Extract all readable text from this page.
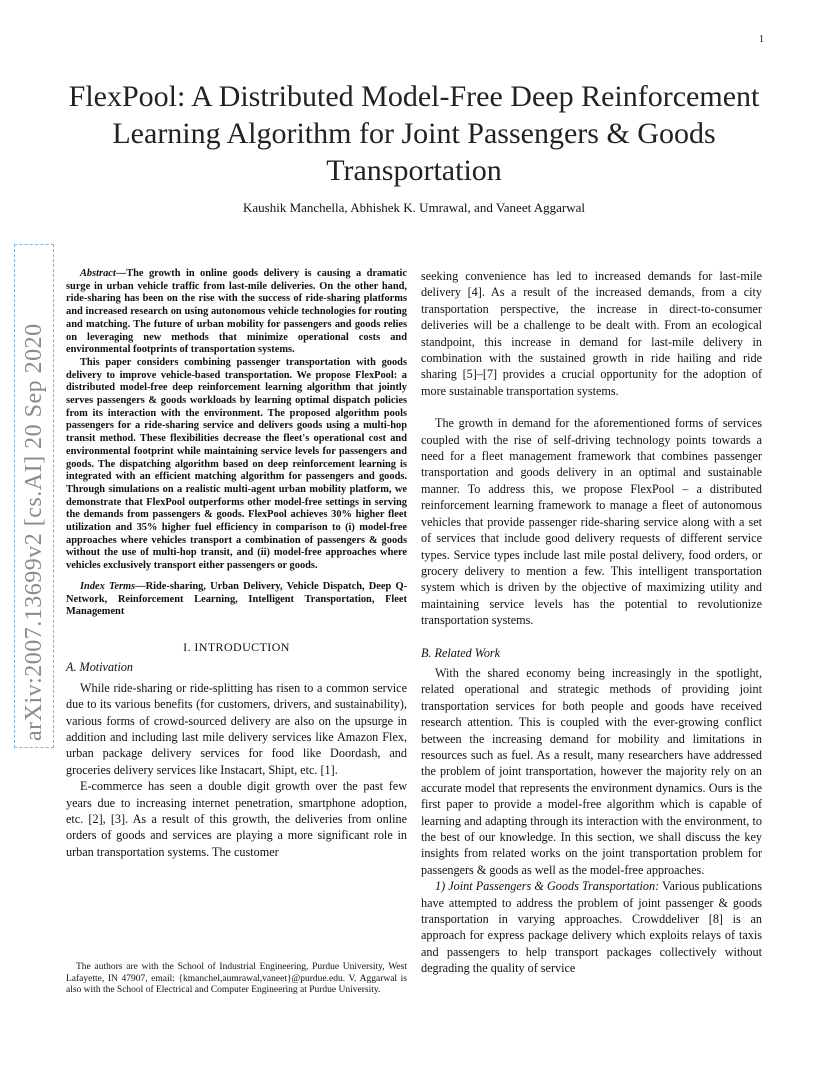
1
FlexPool: A Distributed Model-Free Deep Reinforcement Learning Algorithm for Joint Passengers & Goods Transportation
Kaushik Manchella, Abhishek K. Umrawal, and Vaneet Aggarwal
arXiv:2007.13699v2 [cs.AI] 20 Sep 2020

Abstract—The growth in online goods delivery is causing a dramatic surge in urban vehicle traffic from last-mile deliveries. On the other hand, ride-sharing has been on the rise with the success of ride-sharing platforms and increased research on using autonomous vehicle technologies for routing and matching. The future of urban mobility for passengers and goods relies on leveraging new methods that minimize operational costs and environmental footprints of transportation systems.

This paper considers combining passenger transportation with goods delivery to improve vehicle-based transportation. We propose FlexPool: a distributed model-free deep reinforcement learning algorithm that jointly serves passengers & goods workloads by learning optimal dispatch policies from its interaction with the environment. The proposed algorithm pools passengers for a ride-sharing service and delivers goods using a multi-hop transit method. These flexibilities decrease the fleet's operational cost and environmental footprint while maintaining service levels for passengers and goods. The dispatching algorithm based on deep reinforcement learning is integrated with an efficient matching algorithm for passengers and goods. Through simulations on a realistic multi-agent urban mobility platform, we demonstrate that FlexPool outperforms other model-free settings in serving the demands from passengers & goods. FlexPool achieves 30% higher fleet utilization and 35% higher fuel efficiency in comparison to (i) model-free approaches where vehicles transport a combination of passengers & goods without the use of multi-hop transit, and (ii) model-free approaches where vehicles exclusively transport either passengers or goods.

Index Terms—Ride-sharing, Urban Delivery, Vehicle Dispatch, Deep Q-Network, Reinforcement Learning, Intelligent Transportation, Fleet Management

I. INTRODUCTION
A. Motivation

While ride-sharing or ride-splitting has risen to a common service due to its various benefits (for customers, drivers, and sustainability), various forms of crowd-sourced delivery are also on the upsurge in addition and including last mile delivery services like Amazon Flex, urban package delivery services for food like Doordash, and groceries delivery services like Instacart, Shipt, etc. [1].

E-commerce has seen a double digit growth over the past few years due to increasing internet penetration, smartphone adoption, etc. [2], [3]. As a result of this growth, the deliveries from online orders of goods and services are playing a more significant role in urban transportation systems. The customer

The authors are with the School of Industrial Engineering, Purdue University, West Lafayette, IN 47907, email: {kmanchel,aumrawal,vaneet}@purdue.edu. V. Aggarwal is also with the School of Electrical and Computer Engineering at Purdue University.

seeking convenience has led to increased demands for last-mile delivery [4]. As a result of the increased demands, from a city transportation perspective, the increase in direct-to-consumer deliveries will be a challenge to be dealt with. From an ecological standpoint, this increase in demand for last-mile delivery in combination with the sustained growth in ride hailing and ride sharing [5]–[7] provides a crucial opportunity for the adoption of more sustainable transportation systems.

The growth in demand for the aforementioned forms of services coupled with the rise of self-driving technology points towards a need for a fleet management framework that combines passenger transportation and goods delivery in an optimal and sustainable manner. To address this, we propose FlexPool – a distributed reinforcement learning framework to manage a fleet of autonomous vehicles that provide passenger ride-sharing service along with a set of services that include good delivery requests of different service types. Service types include last mile postal delivery, food orders, or grocery delivery to mention a few. This intelligent transportation system which is driven by the objective of maximizing utility and maintaining service levels has the potential to revolutionize transportation systems.

B. Related Work

With the shared economy being increasingly in the spotlight, related operational and strategic methods of providing joint transportation services for both people and goods have received research attention. This is coupled with the ever-growing conflict between the increasing demand for mobility and limitations in resources such as fuel. As a result, many researchers have addressed the problem of joint transportation, however the majority rely on an accurate model that represents the environment dynamics. Ours is the first paper to provide a model-free algorithm which is capable of learning and adapting through its interaction with the environment, to the best of our knowledge. In this section, we shall discuss the key insights from related works on the joint transportation problem for passengers & goods as well as the model-free approaches.

1) Joint Passengers & Goods Transportation: Various publications have attempted to address the problem of joint passenger & goods transportation in varying approaches. Crowddeliver [8] is an approach for express package delivery which exploits relays of taxis and passengers to help transport packages collectively without degrading the quality of service
